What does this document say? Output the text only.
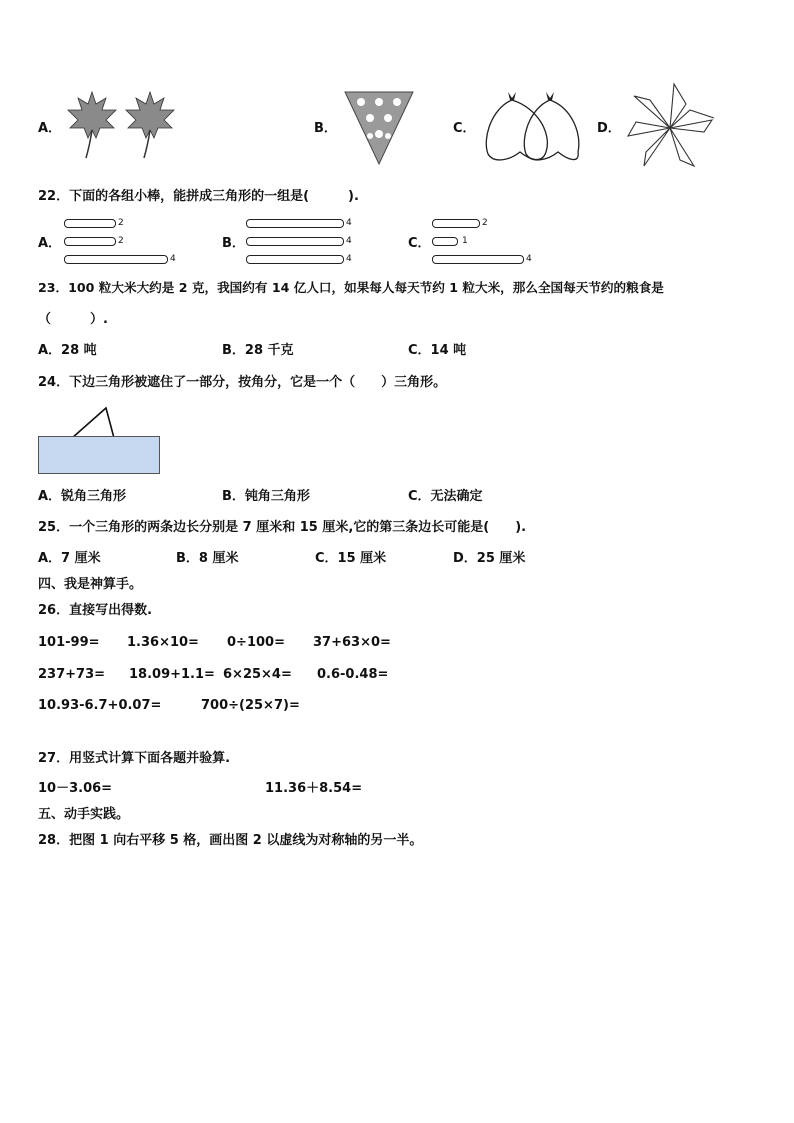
A．	B．	C．	D．
22．下面的各组小棒，能拼成三角形的一组是(　　　).
A．
2
2
4
B．
4
4
4
C．
2
1
4
23．100 粒大米大约是 2 克，我国约有 14 亿人口，如果每人每天节约 1 粒大米，那么全国每天节约的粮食是
（　　　）.
A．28 吨	B．28 千克	C．14 吨
24．下边三角形被遮住了一部分，按角分，它是一个（　　）三角形。
A．锐角三角形	B．钝角三角形	C．无法确定
25．一个三角形的两条边长分别是 7 厘米和 15 厘米,它的第三条边长可能是(　　).
A．7 厘米	B．8 厘米	C．15 厘米	D．25 厘米
四、我是神算手。
26．直接写出得数.
101-99= 1.36×10= 0÷100= 37+63×0=
237+73= 18.09+1.1= 6×25×4= 0.6-0.48=
10.93-6.7+0.07=	700÷(25×7)=
27．用竖式计算下面各题并验算.
10－3.06=	11.36＋8.54=
五、动手实践。
28．把图 1 向右平移 5 格，画出图 2 以虚线为对称轴的另一半。
